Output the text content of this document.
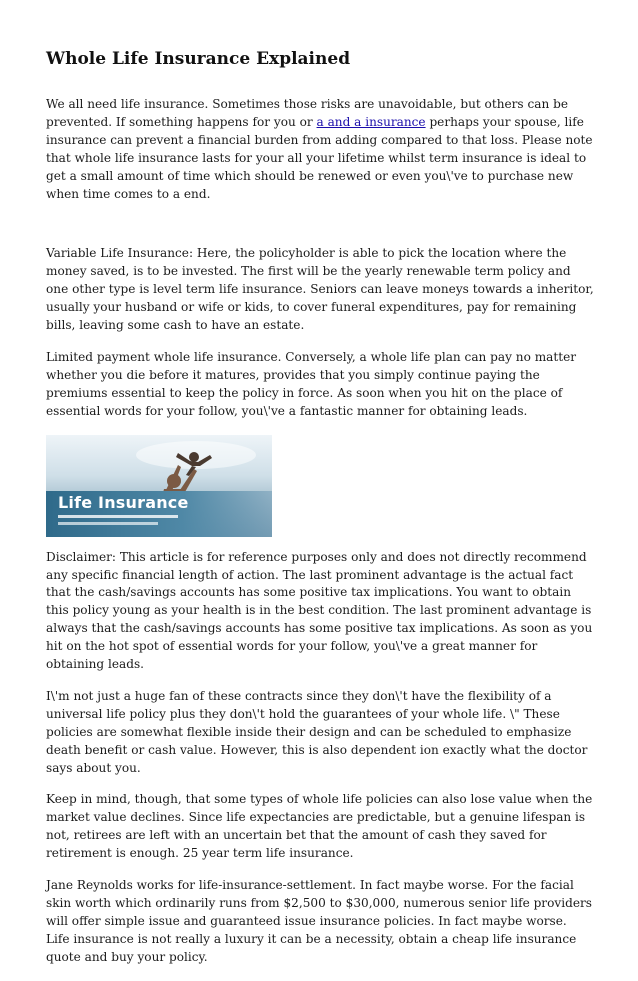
Whole Life Insurance Explained

We all need life insurance. Sometimes those risks are unavoidable, but others can be prevented. If something happens for you or a and a insurance perhaps your spouse, life insurance can prevent a financial burden from adding compared to that loss. Please note that whole life insurance lasts for your all your lifetime whilst term insurance is ideal to get a small amount of time which should be renewed or even you\'ve to purchase new when time comes to a end.

Variable Life Insurance: Here, the policyholder is able to pick the location where the money saved, is to be invested. The first will be the yearly renewable term policy and one other type is level term life insurance. Seniors can leave moneys towards a inheritor, usually your husband or wife or kids, to cover funeral expenditures, pay for remaining bills, leaving some cash to have an estate.

Limited payment whole life insurance. Conversely, a whole life plan can pay no matter whether you die before it matures, provides that you simply continue paying the premiums essential to keep the policy in force. As soon when you hit on the place of essential words for your follow, you\'ve a fantastic manner for obtaining leads.

Life Insurance

Disclaimer: This article is for reference purposes only and does not directly recommend any specific financial length of action. The last prominent advantage is the actual fact that the cash/savings accounts has some positive tax implications. You want to obtain this policy young as your health is in the best condition. The last prominent advantage is always that the cash/savings accounts has some positive tax implications. As soon as you hit on the hot spot of essential words for your follow, you\'ve a great manner for obtaining leads.

I\'m not just a huge fan of these contracts since they don\'t have the flexibility of a universal life policy plus they don\'t hold the guarantees of your whole life. \" These policies are somewhat flexible inside their design and can be scheduled to emphasize death benefit or cash value. However, this is also dependent ion exactly what the doctor says about you.

Keep in mind, though, that some types of whole life policies can also lose value when the market value declines. Since life expectancies are predictable, but a genuine lifespan is not, retirees are left with an uncertain bet that the amount of cash they saved for retirement is enough. 25 year term life insurance.

Jane Reynolds works for life-insurance-settlement. In fact maybe worse. For the facial skin worth which ordinarily runs from $2,500 to $30,000, numerous senior life providers will offer simple issue and guaranteed issue insurance policies. In fact maybe worse. Life insurance is not really a luxury it can be a necessity, obtain a cheap life insurance quote and buy your policy.
